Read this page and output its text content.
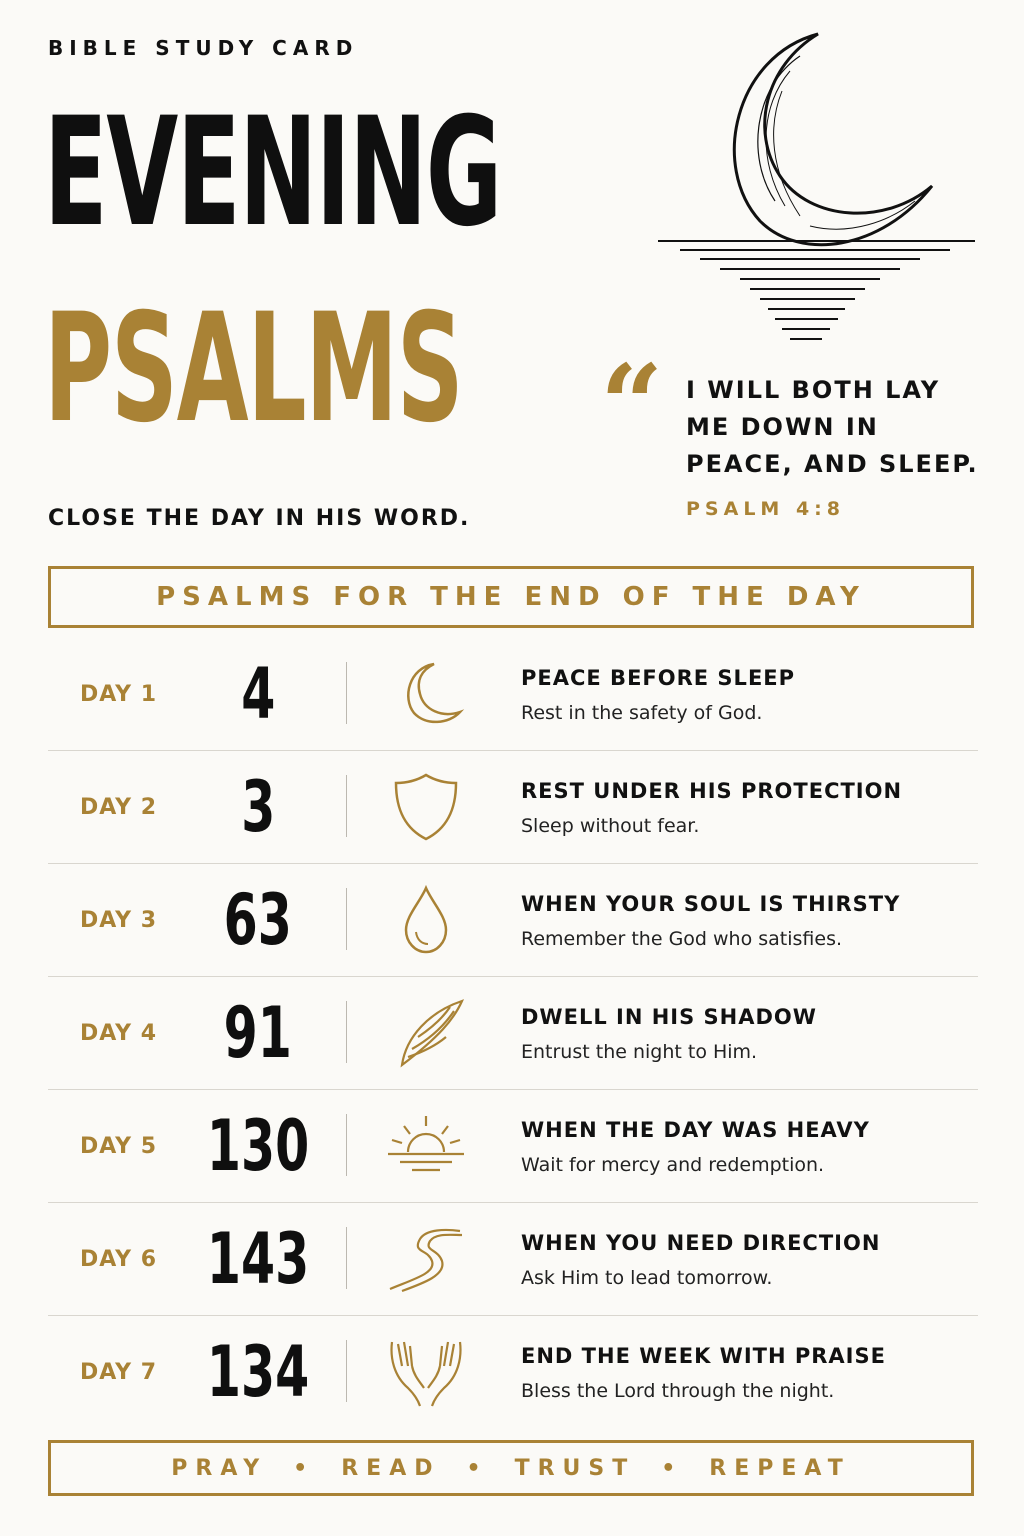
BIBLE STUDY CARD
EVENING
PSALMS
CLOSE THE DAY IN HIS WORD.
“ I WILL BOTH LAY ME DOWN IN PEACE, AND SLEEP.
PSALM 4:8
PSALMS FOR THE END OF THE DAY
DAY 1 4	PEACE BEFORE SLEEP
Rest in the safety of God.
DAY 2 3	REST UNDER HIS PROTECTION
Sleep without fear.
DAY 3 63	WHEN YOUR SOUL IS THIRSTY
Remember the God who satisfies.
DAY 4 91	DWELL IN HIS SHADOW
Entrust the night to Him.
DAY 5 130	WHEN THE DAY WAS HEAVY
Wait for mercy and redemption.
DAY 6 143	WHEN YOU NEED DIRECTION
Ask Him to lead tomorrow.
DAY 7 134	END THE WEEK WITH PRAISE
Bless the Lord through the night.
PRAY • READ • TRUST • REPEAT
